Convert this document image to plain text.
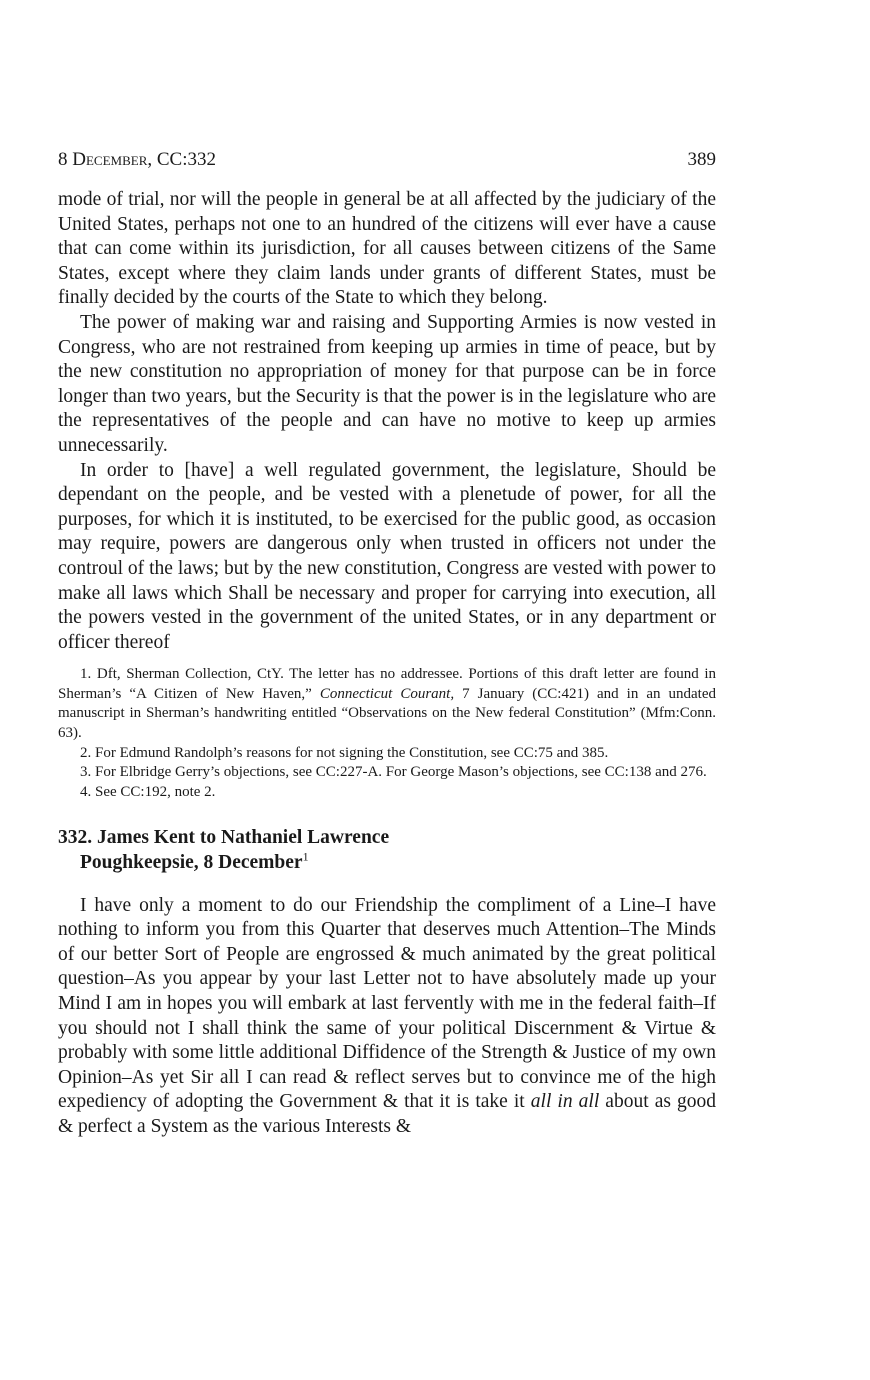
8 December, CC:332	389

mode of trial, nor will the people in general be at all affected by the judiciary of the United States, perhaps not one to an hundred of the citizens will ever have a cause that can come within its jurisdiction, for all causes between citizens of the Same States, except where they claim lands under grants of different States, must be finally decided by the courts of the State to which they belong.

The power of making war and raising and Supporting Armies is now vested in Congress, who are not restrained from keeping up armies in time of peace, but by the new constitution no appropriation of money for that purpose can be in force longer than two years, but the Security is that the power is in the legislature who are the representatives of the people and can have no motive to keep up armies unnecessarily.

In order to [have] a well regulated government, the legislature, Should be dependant on the people, and be vested with a plenetude of power, for all the purposes, for which it is instituted, to be exercised for the public good, as occasion may require, powers are dangerous only when trusted in officers not under the controul of the laws; but by the new constitution, Congress are vested with power to make all laws which Shall be necessary and proper for carrying into execution, all the powers vested in the government of the united States, or in any department or officer thereof

1. Dft, Sherman Collection, CtY. The letter has no addressee. Portions of this draft letter are found in Sherman’s “A Citizen of New Haven,” Connecticut Courant, 7 January (CC:421) and in an undated manuscript in Sherman’s handwriting entitled “Observations on the New federal Constitution” (Mfm:Conn. 63).

2. For Edmund Randolph’s reasons for not signing the Constitution, see CC:75 and 385.

3. For Elbridge Gerry’s objections, see CC:227-A. For George Mason’s objections, see CC:138 and 276.

4. See CC:192, note 2.

332. James Kent to Nathaniel Lawrence
Poughkeepsie, 8 December$^1$

I have only a moment to do our Friendship the compliment of a Line–I have nothing to inform you from this Quarter that deserves much Attention–The Minds of our better Sort of People are engrossed & much animated by the great political question–As you appear by your last Letter not to have absolutely made up your Mind I am in hopes you will embark at last fervently with me in the federal faith–If you should not I shall think the same of your political Discernment & Virtue & probably with some little additional Diffidence of the Strength & Justice of my own Opinion–As yet Sir all I can read & reflect serves but to convince me of the high expediency of adopting the Government & that it is take it all in all about as good & perfect a System as the various Interests &
